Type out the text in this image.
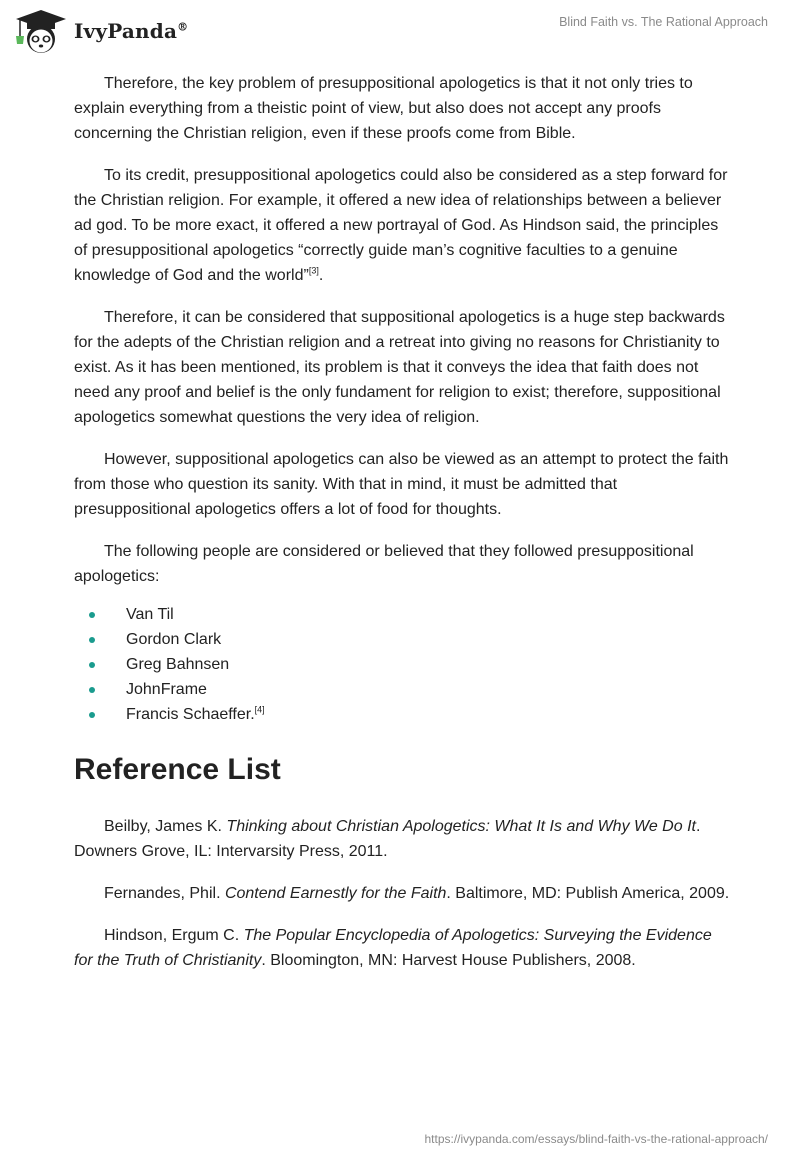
IvyPanda®	Blind Faith vs. The Rational Approach

Therefore, the key problem of presuppositional apologetics is that it not only tries to explain everything from a theistic point of view, but also does not accept any proofs concerning the Christian religion, even if these proofs come from Bible.

To its credit, presuppositional apologetics could also be considered as a step forward for the Christian religion. For example, it offered a new idea of relationships between a believer ad god. To be more exact, it offered a new portrayal of God. As Hindson said, the principles of presuppositional apologetics “correctly guide man’s cognitive faculties to a genuine knowledge of God and the world”[3].

Therefore, it can be considered that suppositional apologetics is a huge step backwards for the adepts of the Christian religion and a retreat into giving no reasons for Christianity to exist. As it has been mentioned, its problem is that it conveys the idea that faith does not need any proof and belief is the only fundament for religion to exist; therefore, suppositional apologetics somewhat questions the very idea of religion.

However, suppositional apologetics can also be viewed as an attempt to protect the faith from those who question its sanity. With that in mind, it must be admitted that presuppositional apologetics offers a lot of food for thoughts.

The following people are considered or believed that they followed presuppositional apologetics:

Van Til
Gordon Clark
Greg Bahnsen
JohnFrame
Francis Schaeffer.[4]
Reference List

Beilby, James K. Thinking about Christian Apologetics: What It Is and Why We Do It. Downers Grove, IL: Intervarsity Press, 2011.

Fernandes, Phil. Contend Earnestly for the Faith. Baltimore, MD: Publish America, 2009.

Hindson, Ergum C. The Popular Encyclopedia of Apologetics: Surveying the Evidence for the Truth of Christianity. Bloomington, MN: Harvest House Publishers, 2008.

https://ivypanda.com/essays/blind-faith-vs-the-rational-approach/
